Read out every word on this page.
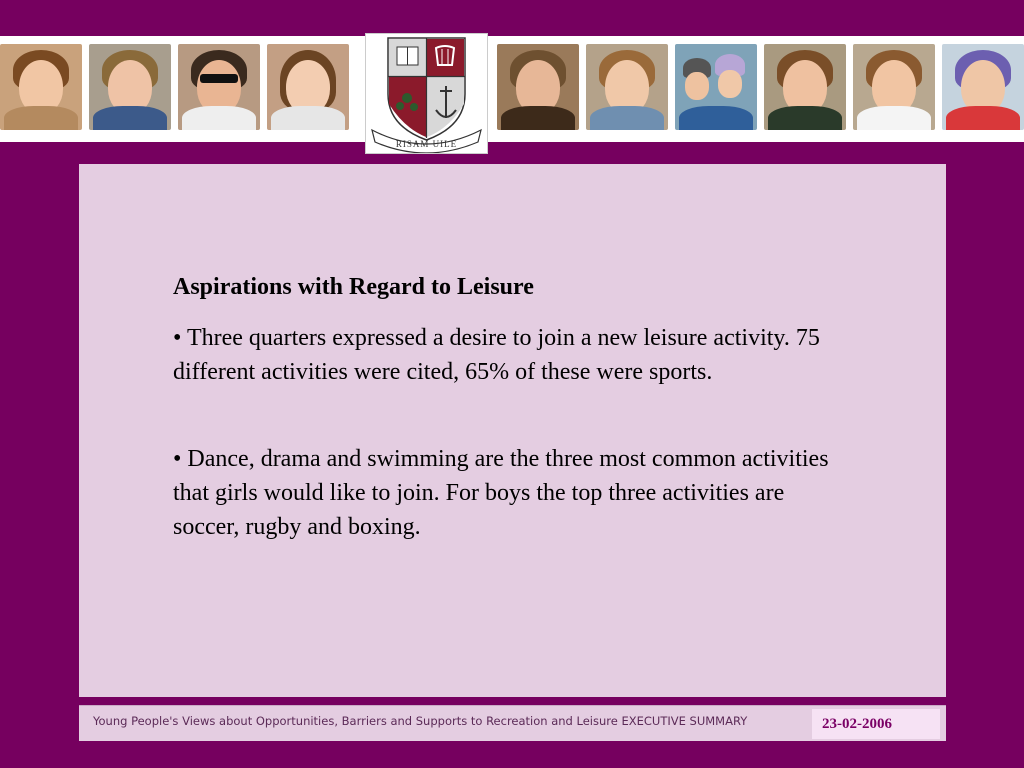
RISAM UILE
Aspirations with Regard to Leisure
• Three quarters expressed a desire to join a new leisure activity. 75 different activities were cited, 65% of these were sports.
• Dance, drama and swimming are the three most common activities that girls would like to join. For boys the top three activities are soccer, rugby and boxing.
Young People's Views about Opportunities, Barriers and Supports to Recreation and Leisure EXECUTIVE SUMMARY	23-02-2006
